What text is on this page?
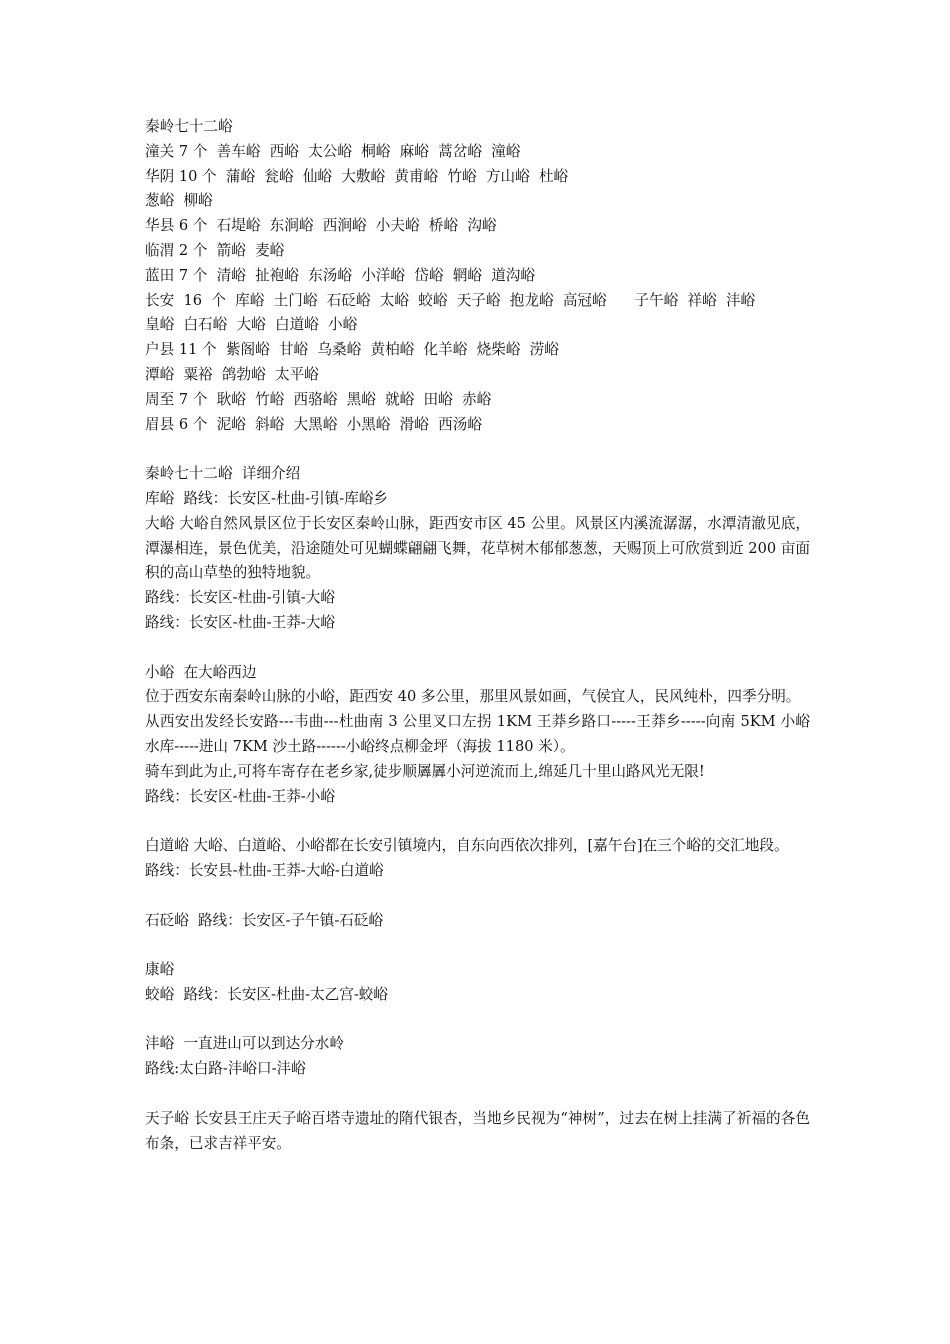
秦岭七十二峪

潼关 7 个  善车峪  西峪  太公峪  桐峪  麻峪  蒿岔峪  潼峪

华阴 10 个  蒲峪  瓮峪  仙峪  大敷峪  黄甫峪  竹峪  方山峪  杜峪

葱峪  柳峪

华县 6 个  石堤峪  东涧峪  西涧峪  小夫峪  桥峪  沟峪

临渭 2 个  箭峪  麦峪

蓝田 7 个  清峪  扯袍峪  东汤峪  小洋峪  岱峪  辋峪  道沟峪

长安  16  个  库峪  土门峪  石砭峪  太峪  蛟峪  天子峪  抱龙峪  高冠峪      子午峪  祥峪  沣峪

皇峪  白石峪  大峪  白道峪  小峪

户县 11 个  紫阁峪  甘峪  乌桑峪  黄柏峪  化羊峪  烧柴峪  涝峪

潭峪  粟裕  鸽勃峪  太平峪

周至 7 个  耿峪  竹峪  西骆峪  黑峪  就峪  田峪  赤峪

眉县 6 个  泥峪  斜峪  大黑峪  小黑峪  滑峪  西汤峪

秦岭七十二峪  详细介绍

库峪  路线：长安区-杜曲-引镇-库峪乡

大峪 大峪自然风景区位于长安区秦岭山脉，距西安市区 45 公里。风景区内溪流潺潺，水潭清澈见底，潭瀑相连，景色优美，沿途随处可见蝴蝶翩翩飞舞，花草树木郁郁葱葱，天赐顶上可欣赏到近 200 亩面积的高山草垫的独特地貌。

路线：长安区-杜曲-引镇-大峪

路线：长安区-杜曲-王莽-大峪

小峪  在大峪西边

位于西安东南秦岭山脉的小峪，距西安 40 多公里，那里风景如画，气侯宜人，民风纯朴，四季分明。

从西安出发经长安路---韦曲---杜曲南 3 公里叉口左拐 1KM 王莽乡路口-----王莽乡-----向南 5KM 小峪水库-----进山 7KM 沙土路------小峪终点柳金坪（海拔 1180 米）。

骑车到此为止,可将车寄存在老乡家,徒步顺羼羼小河逆流而上,绵延几十里山路风光无限!

路线：长安区-杜曲-王莽-小峪

白道峪 大峪、白道峪、小峪都在长安引镇境内，自东向西依次排列，[嘉午台]在三个峪的交汇地段。

路线：长安县-杜曲-王莽-大峪-白道峪

石砭峪  路线：长安区-子午镇-石砭峪

康峪

蛟峪  路线：长安区-杜曲-太乙宫-蛟峪

沣峪  一直进山可以到达分水岭

路线:太白路-沣峪口-沣峪

天子峪 长安县王庄天子峪百塔寺遗址的隋代银杏，当地乡民视为“神树”，过去在树上挂满了祈福的各色布条，已求吉祥平安。
